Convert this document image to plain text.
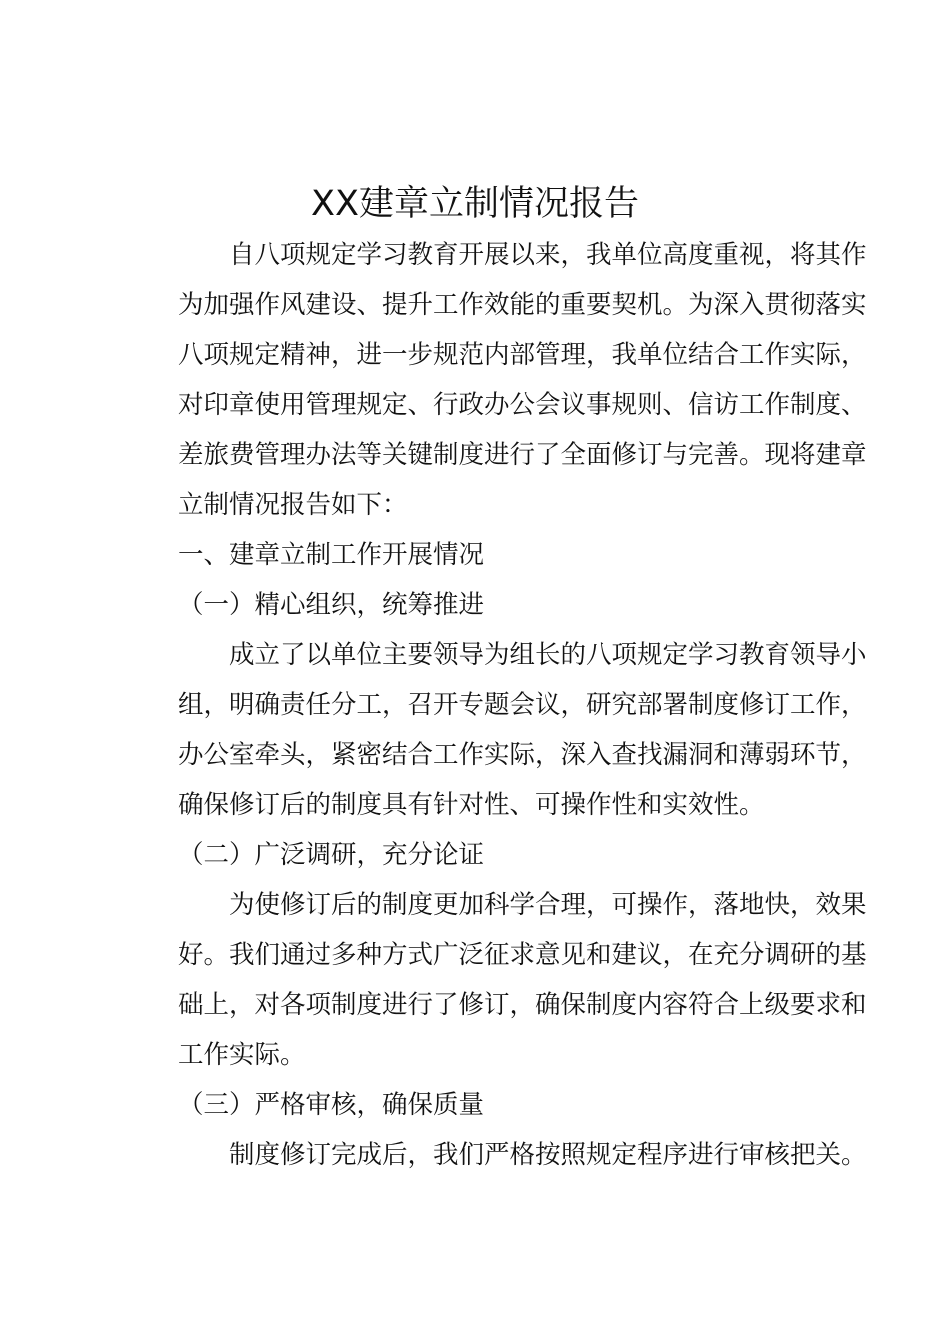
XX建章立制情况报告
自八项规定学习教育开展以来，我单位高度重视，将其作
为加强作风建设、提升工作效能的重要契机。为深入贯彻落实
八项规定精神，进一步规范内部管理，我单位结合工作实际，
对印章使用管理规定、行政办公会议事规则、信访工作制度、
差旅费管理办法等关键制度进行了全面修订与完善。现将建章
立制情况报告如下：
一、建章立制工作开展情况
（一）精心组织，统筹推进
成立了以单位主要领导为组长的八项规定学习教育领导小
组，明确责任分工，召开专题会议，研究部署制度修订工作，
办公室牵头，紧密结合工作实际，深入查找漏洞和薄弱环节，
确保修订后的制度具有针对性、可操作性和实效性。
（二）广泛调研，充分论证
为使修订后的制度更加科学合理，可操作，落地快，效果
好。我们通过多种方式广泛征求意见和建议，在充分调研的基
础上，对各项制度进行了修订，确保制度内容符合上级要求和
工作实际。
（三）严格审核，确保质量
制度修订完成后，我们严格按照规定程序进行审核把关。
